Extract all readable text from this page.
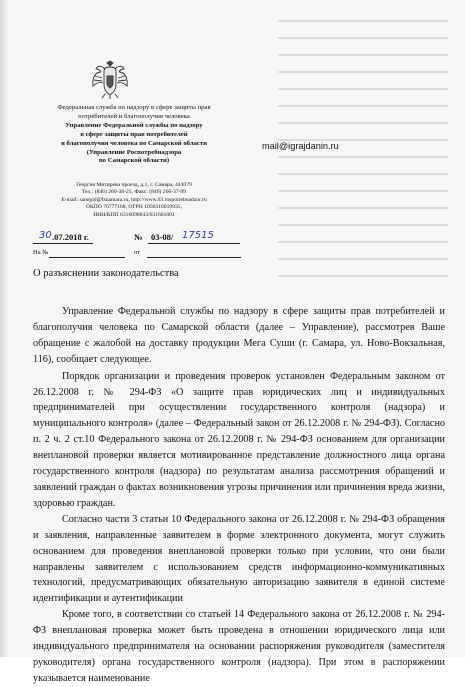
Федеральная служба по надзору в сфере защиты прав
потребителей и благополучия человека
Управление Федеральной службы по надзору
в сфере защиты прав потребителей
и благополучия человека по Самарской области
(Управление Роспотребнадзора
по Самарской области)
Георгия Митирева проезд, д.1, г. Самара, 443079
Тел.: (846) 260-38-25, Факс: (846) 260-37-99
E-mail: sanepid@fsnamara.ru, http://www.63.rospotrebnadzor.ru
ОКПО 76777168, ОГРН 1056316019935,
ИНН/КПП 6316098843/631601001
30 .07.2018 г.	№ 03-08/ 17515
На №	от
mail@igrajdanin.ru
О разъяснении законодательства

Управление Федеральной службы по надзору в сфере защиты прав потребителей и благополучия человека по Самарской области (далее – Управление), рассмотрев Ваше обращение с жалобой на доставку продукции Мега Суши (г. Самара, ул. Ново-Вокзальная, 116), сообщает следующее.

Порядок организации и проведения проверок установлен Федеральным законом от 26.12.2008 г. № 294-ФЗ «О защите прав юридических лиц и индивидуальных предпринимателей при осуществлении государственного контроля (надзора) и муниципального контроля» (далее – Федеральный закон от 26.12.2008 г. № 294-ФЗ). Согласно п. 2 ч. 2 ст.10 Федерального закона от 26.12.2008 г. № 294-ФЗ основанием для организации внеплановой проверки является мотивированное представление должностного лица органа государственного контроля (надзора) по результатам анализа рассмотрения обращений и заявлений граждан о фактах возникновения угрозы причинения или причинения вреда жизни, здоровью граждан.

Согласно части 3 статьи 10 Федерального закона от 26.12.2008 г. № 294-ФЗ обращения и заявления, направленные заявителем в форме электронного документа, могут служить основанием для проведения внеплановой проверки только при условии, что они были направлены заявителем с использованием средств информационно-коммуникативных технологий, предусматривающих обязательную авторизацию заявителя в единой системе идентификации и аутентификации

Кроме того, в соответствии со статьей 14 Федерального закона от 26.12.2008 г. № 294-ФЗ внеплановая проверка может быть проведена в отношении юридического лица или индивидуального предпринимателя на основании распоряжения руководителя (заместителя руководителя) органа государственного контроля (надзора). При этом в распоряжении указывается наименование
